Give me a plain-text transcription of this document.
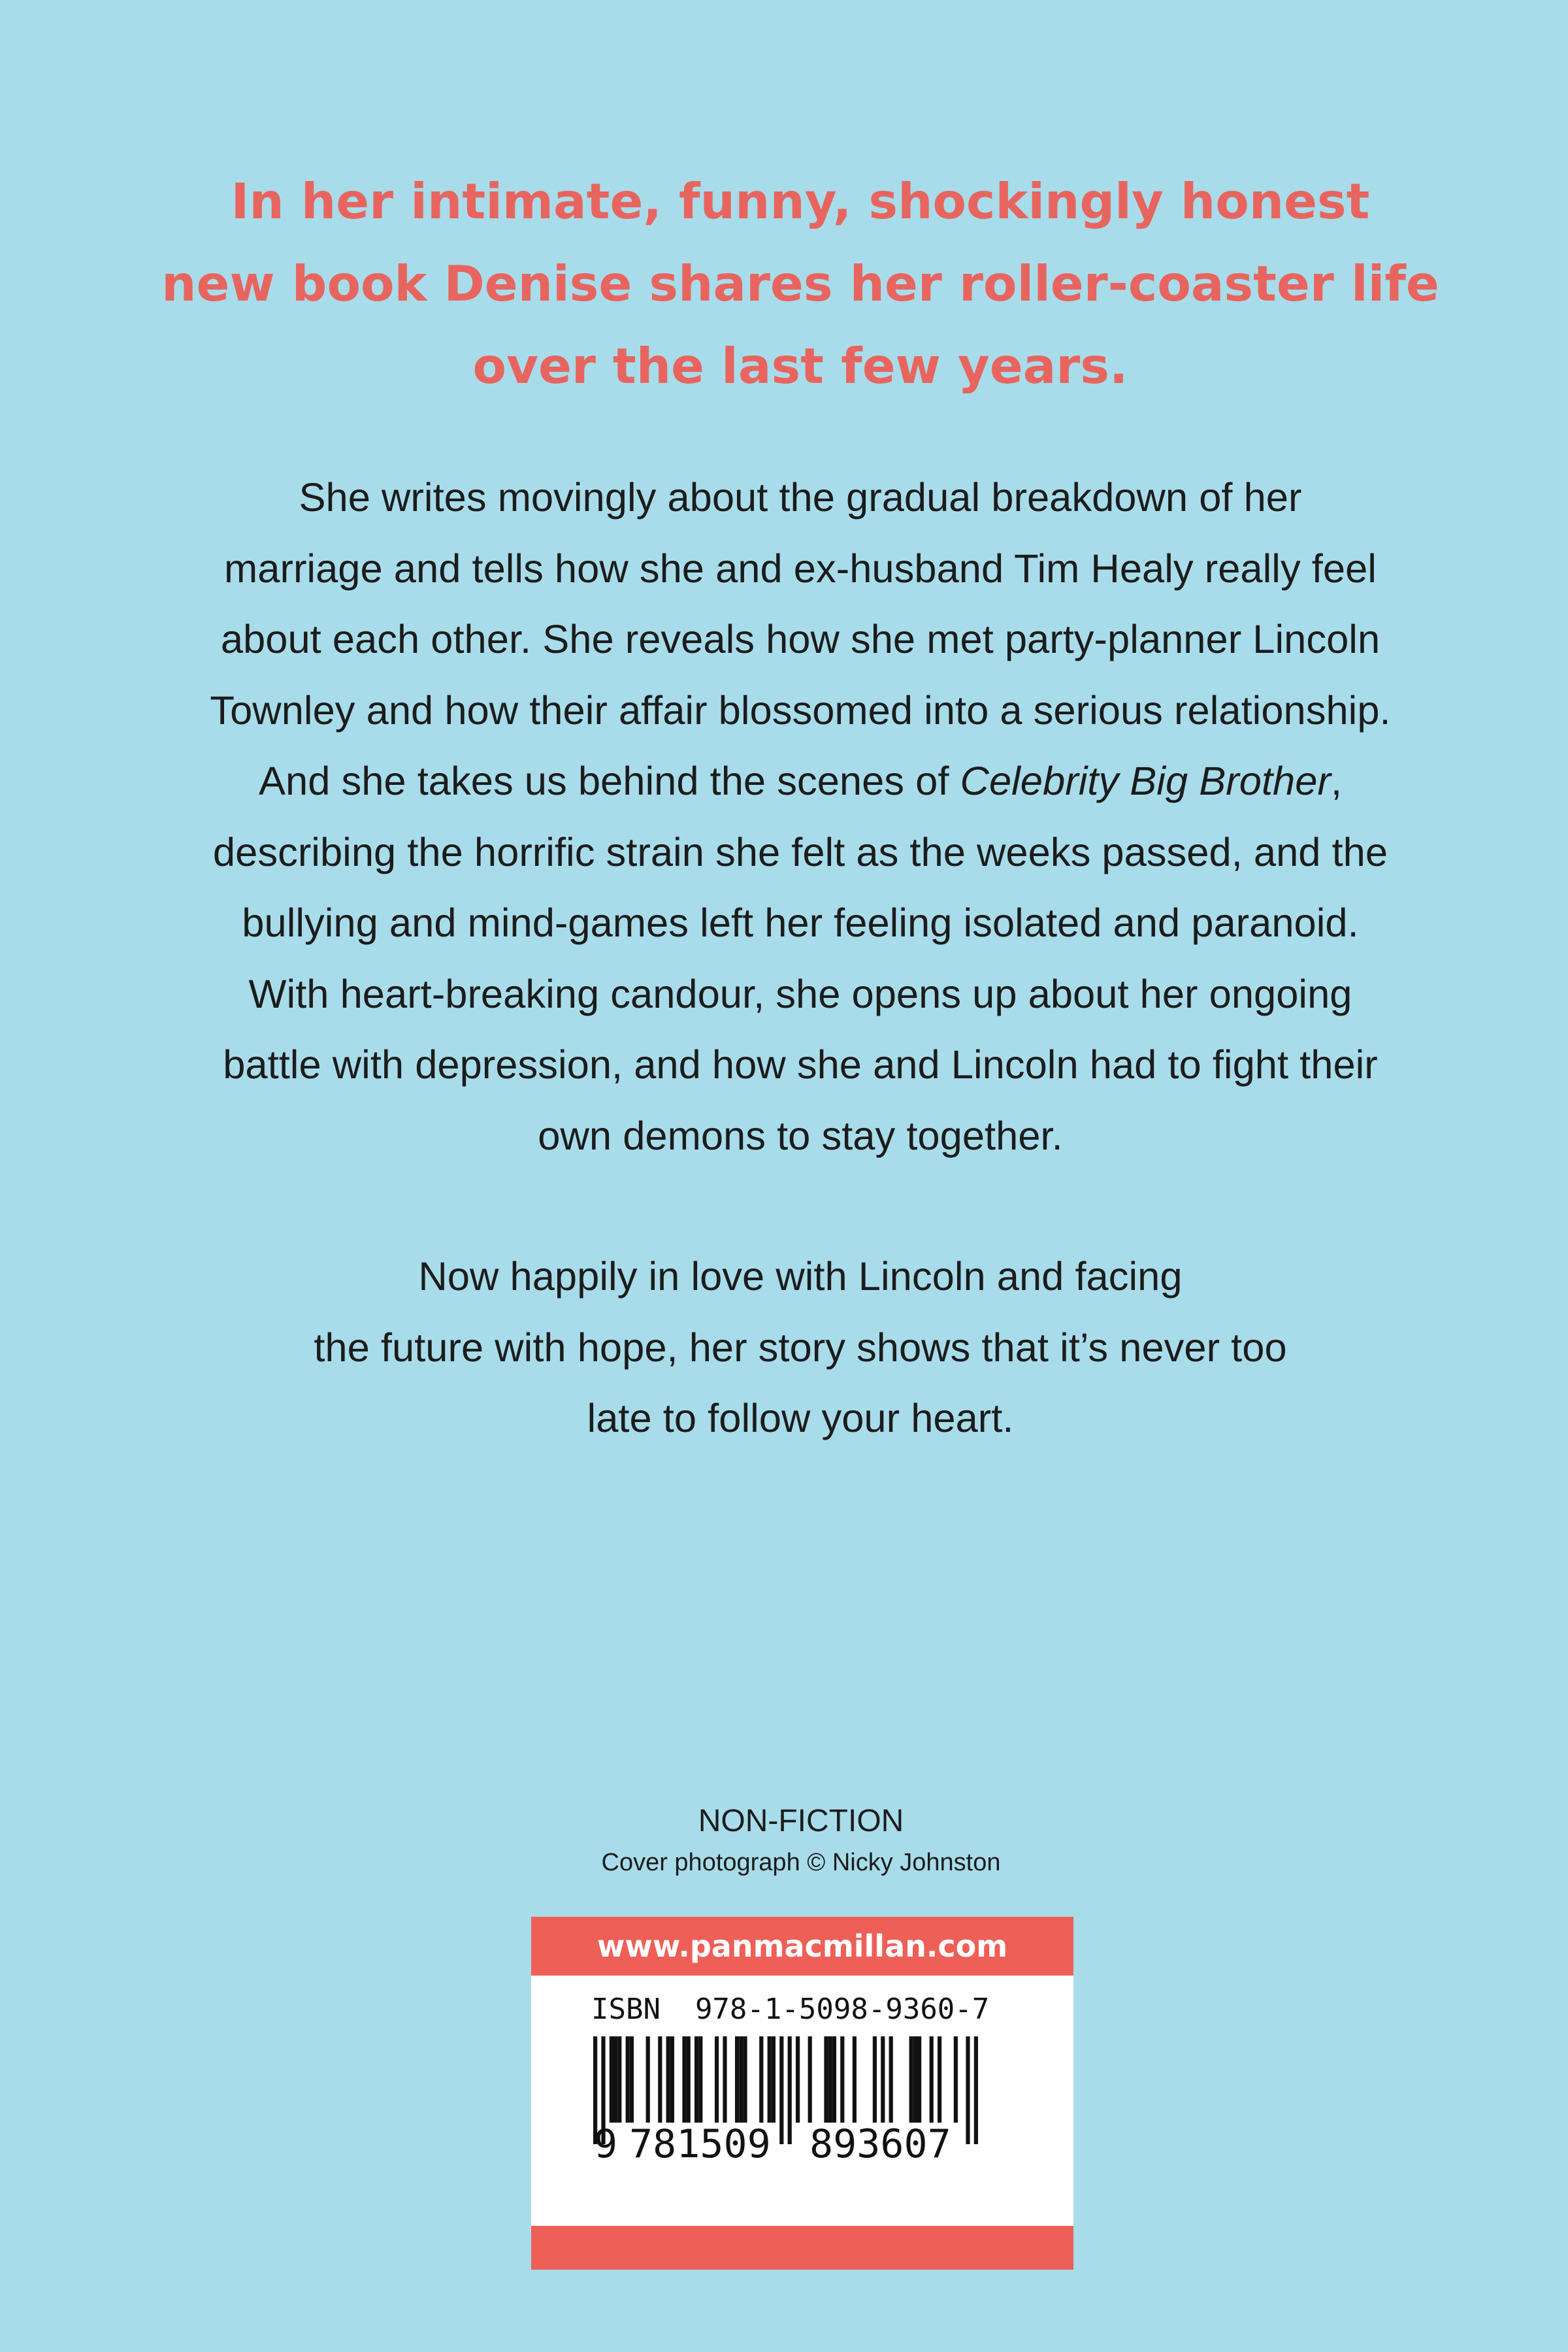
In her intimate, funny, shockingly honest
new book Denise shares her roller-coaster life
over the last few years.
She writes movingly about the gradual breakdown of her
marriage and tells how she and ex-husband Tim Healy really feel
about each other. She reveals how she met party-planner Lincoln
Townley and how their affair blossomed into a serious relationship.
And she takes us behind the scenes of Celebrity Big Brother,
describing the horrific strain she felt as the weeks passed, and the
bullying and mind-games left her feeling isolated and paranoid.
With heart-breaking candour, she opens up about her ongoing
battle with depression, and how she and Lincoln had to fight their
own demons to stay together.
Now happily in love with Lincoln and facing
the future with hope, her story shows that it’s never too
late to follow your heart.
NON-FICTION
Cover photograph © Nicky Johnston
www.panmacmillan.com
ISBN  978-1-5098-9360-7
9 781509 893607
